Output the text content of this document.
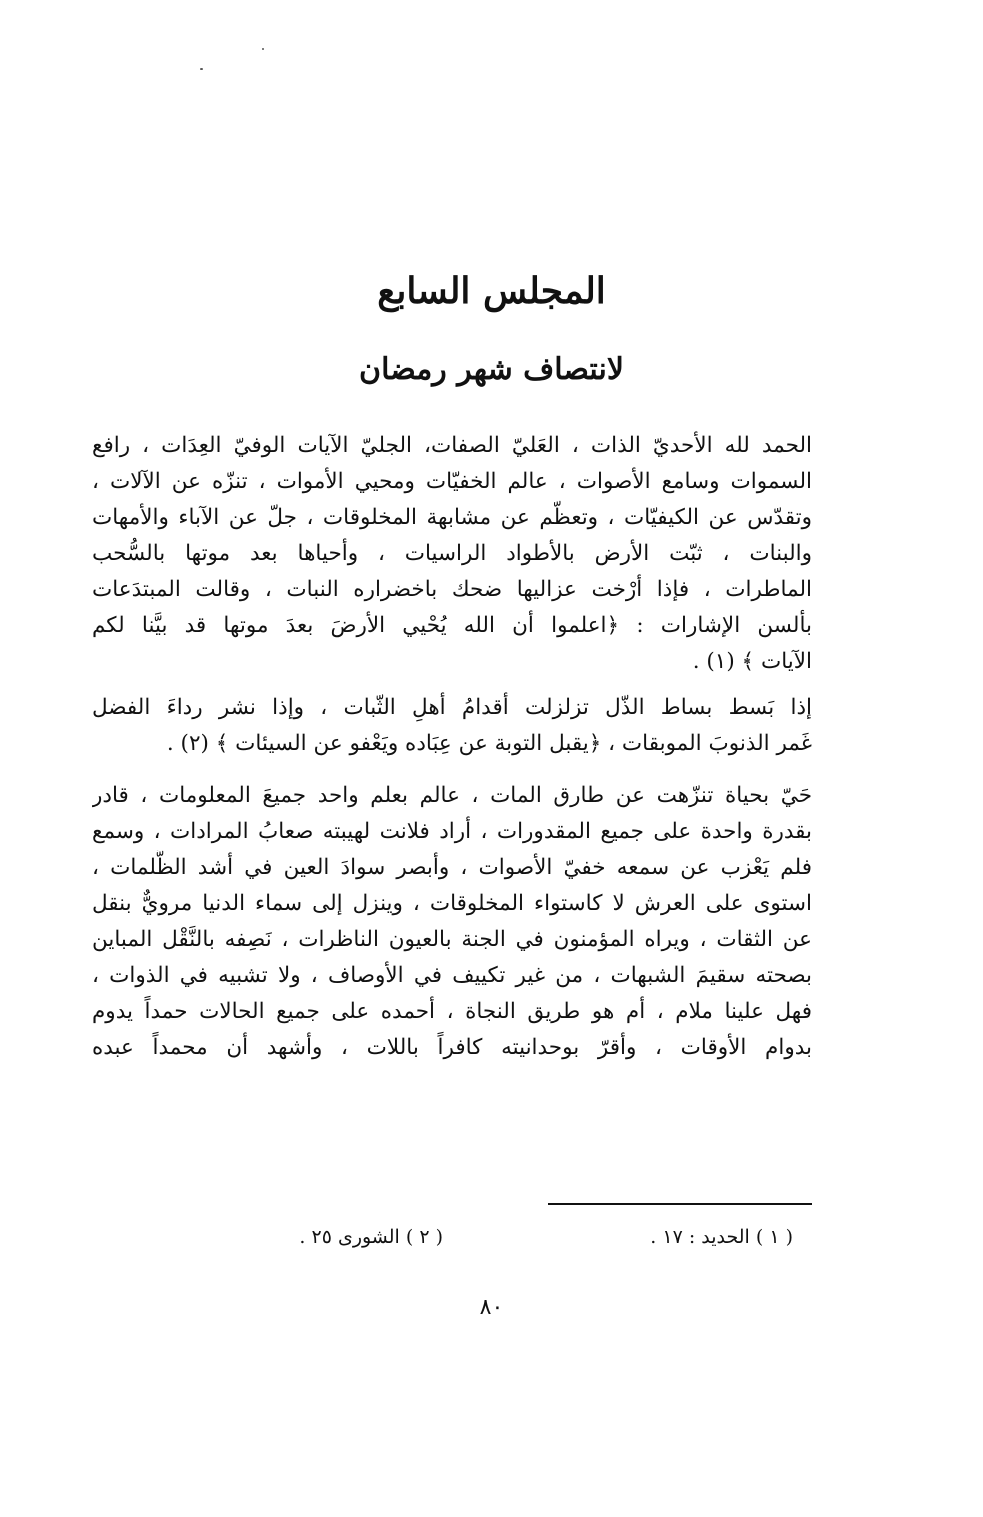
المجلس السابع
لانتصاف شهر رمضان
الحمد لله الأحديّ الذات ، العَليّ الصفات، الجليّ الآيات الوفيّ العِدَات ، رافع
السموات وسامع الأصوات ، عالم الخفيّات ومحيي الأموات ، تنزّه عن الآلات ،
وتقدّس عن الكيفيّات ، وتعظّم عن مشابهة المخلوقات ، جلّ عن الآباء والأمهات
والبنات ، ثبّت الأرض بالأطواد الراسيات ، وأحياها بعد موتها بالسُّحب
الماطرات ، فإذا أرْخت عزاليها ضحك باخضراره النبات ، وقالت المبتدَعات
بألسن الإشارات : ﴿اعلموا أن الله يُحْيي الأرضَ بعدَ موتها قد بيَّنا لكم
الآيات ﴾ (١) .
إذا بَسط بساط الذّل تزلزلت أقدامُ أهلِ الثّبات ، وإذا نشر رداءَ الفضل
غَمر الذنوبَ الموبقات ، ﴿يقبل التوبة عن عِبَاده ويَعْفو عن السيئات ﴾ (٢) .
حَيّ بحياة تنزّهت عن طارق المات ، عالم بعلم واحد جميعَ المعلومات ، قادر
بقدرة واحدة على جميع المقدورات ، أراد فلانت لهيبته صعابُ المرادات ، وسمع
فلم يَعْزب عن سمعه خفيّ الأصوات ، وأبصر سوادَ العين في أشد الظُّلمات ،
استوى على العرش لا كاستواء المخلوقات ، وينزل إلى سماء الدنيا مرويٌّ بنقل
عن الثقات ، ويراه المؤمنون في الجنة بالعيون الناظرات ، نَصِفه بالنَّقْل المباين
بصحته سقيمَ الشبهات ، من غير تكييف في الأوصاف ، ولا تشبيه في الذوات ،
فهل علينا ملام ، أم هو طريق النجاة ، أحمده على جميع الحالات حمداً يدوم
بدوام الأوقات ، وأقرّ بوحدانيته كافراً باللات ، وأشهد أن محمداً عبده
( ١ ) الحديد : ١٧ .
( ٢ ) الشورى ٢٥ .
٨٠
